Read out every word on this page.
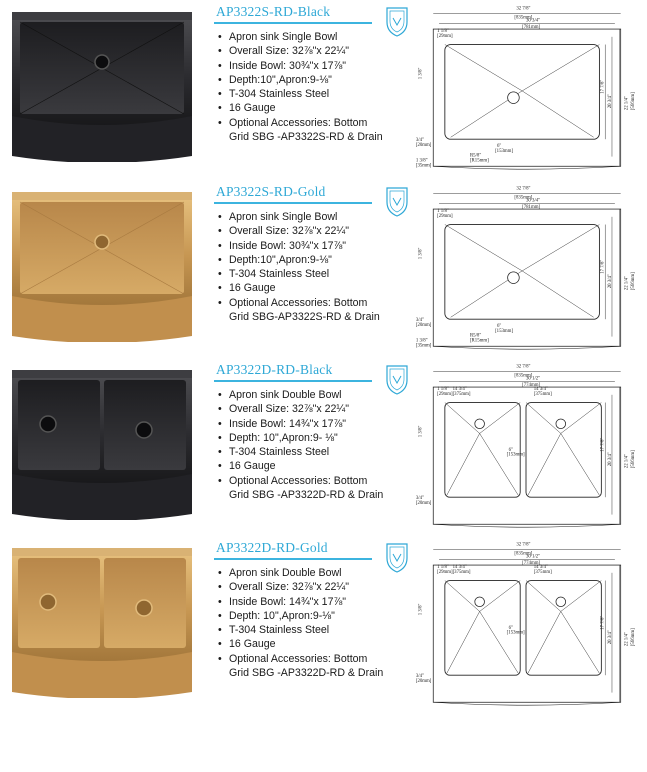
AP3322S-RD-Black
• Apron sink Single Bowl
• Overall Size: 32⅞"x 22¼"
• Inside Bowl: 30¾"x 17⅞"
• Depth:10",Apron:9-⅛"
• T-304 Stainless Steel
• 16 Gauge
• Optional Accessories: Bottom
Grid SBG -AP3322S-RD & Drain
32 7/8"
[835mm]
30 3/4"
[781mm]
1 1/8"
[29mm]
R5/8"
[R15mm]
6"
[153mm]
1 3/8"
[35mm]
17 7/8"
20 3/4" 22 1/4" [566mm]
1 3/8"
3/4"
[20mm]
AP3322S-RD-Gold
• Apron sink Single Bowl
• Overall Size: 32⅞"x 22¼"
• Inside Bowl: 30¾"x 17⅞"
• Depth:10",Apron:9-⅛"
• T-304 Stainless Steel
• 16 Gauge
• Optional Accessories: Bottom
Grid SBG-AP3322S-RD & Drain
32 7/8"
[835mm]
30 3/4"
[781mm]
1 1/8"
[29mm]
R5/8"
[R15mm]
6"
[153mm]
1 3/8"
[35mm]
17 7/8"
20 3/4" 22 1/4" [566mm]
1 3/8"
3/4"
[20mm]
AP3322D-RD-Black
• Apron sink Double Bowl
• Overall Size: 32⅞"x 22¼"
• Inside Bowl: 14¾"x 17⅞"
• Depth: 10",Apron:9- ⅛"
• T-304 Stainless Steel
• 16 Gauge
• Optional Accessories: Bottom
Grid SBG -AP3322D-RD & Drain
32 7/8"
[835mm]
30 1/2"
[774mm]
1 1/8"
[29mm]
14 3/4"
[375mm]
14 3/4"
[375mm]
6"
[153mm]
17 7/8"
20 3/4" 22 1/4" [566mm]
1 3/8"
3/4"
[20mm]
AP3322D-RD-Gold
• Apron sink Double Bowl
• Overall Size: 32⅞"x 22¼"
• Inside Bowl: 14¾"x 17⅞"
• Depth: 10",Apron:9-⅛"
• T-304 Stainless Steel
• 16 Gauge
• Optional Accessories: Bottom
Grid SBG -AP3322D-RD & Drain
32 7/8"
[835mm]
30 1/2"
[774mm]
1 1/8"
[29mm]
14 3/4"
[375mm]
14 3/4"
[375mm]
6"
[153mm]
17 7/8"
20 3/4" 22 1/4" [566mm]
1 3/8"
3/4"
[20mm]
